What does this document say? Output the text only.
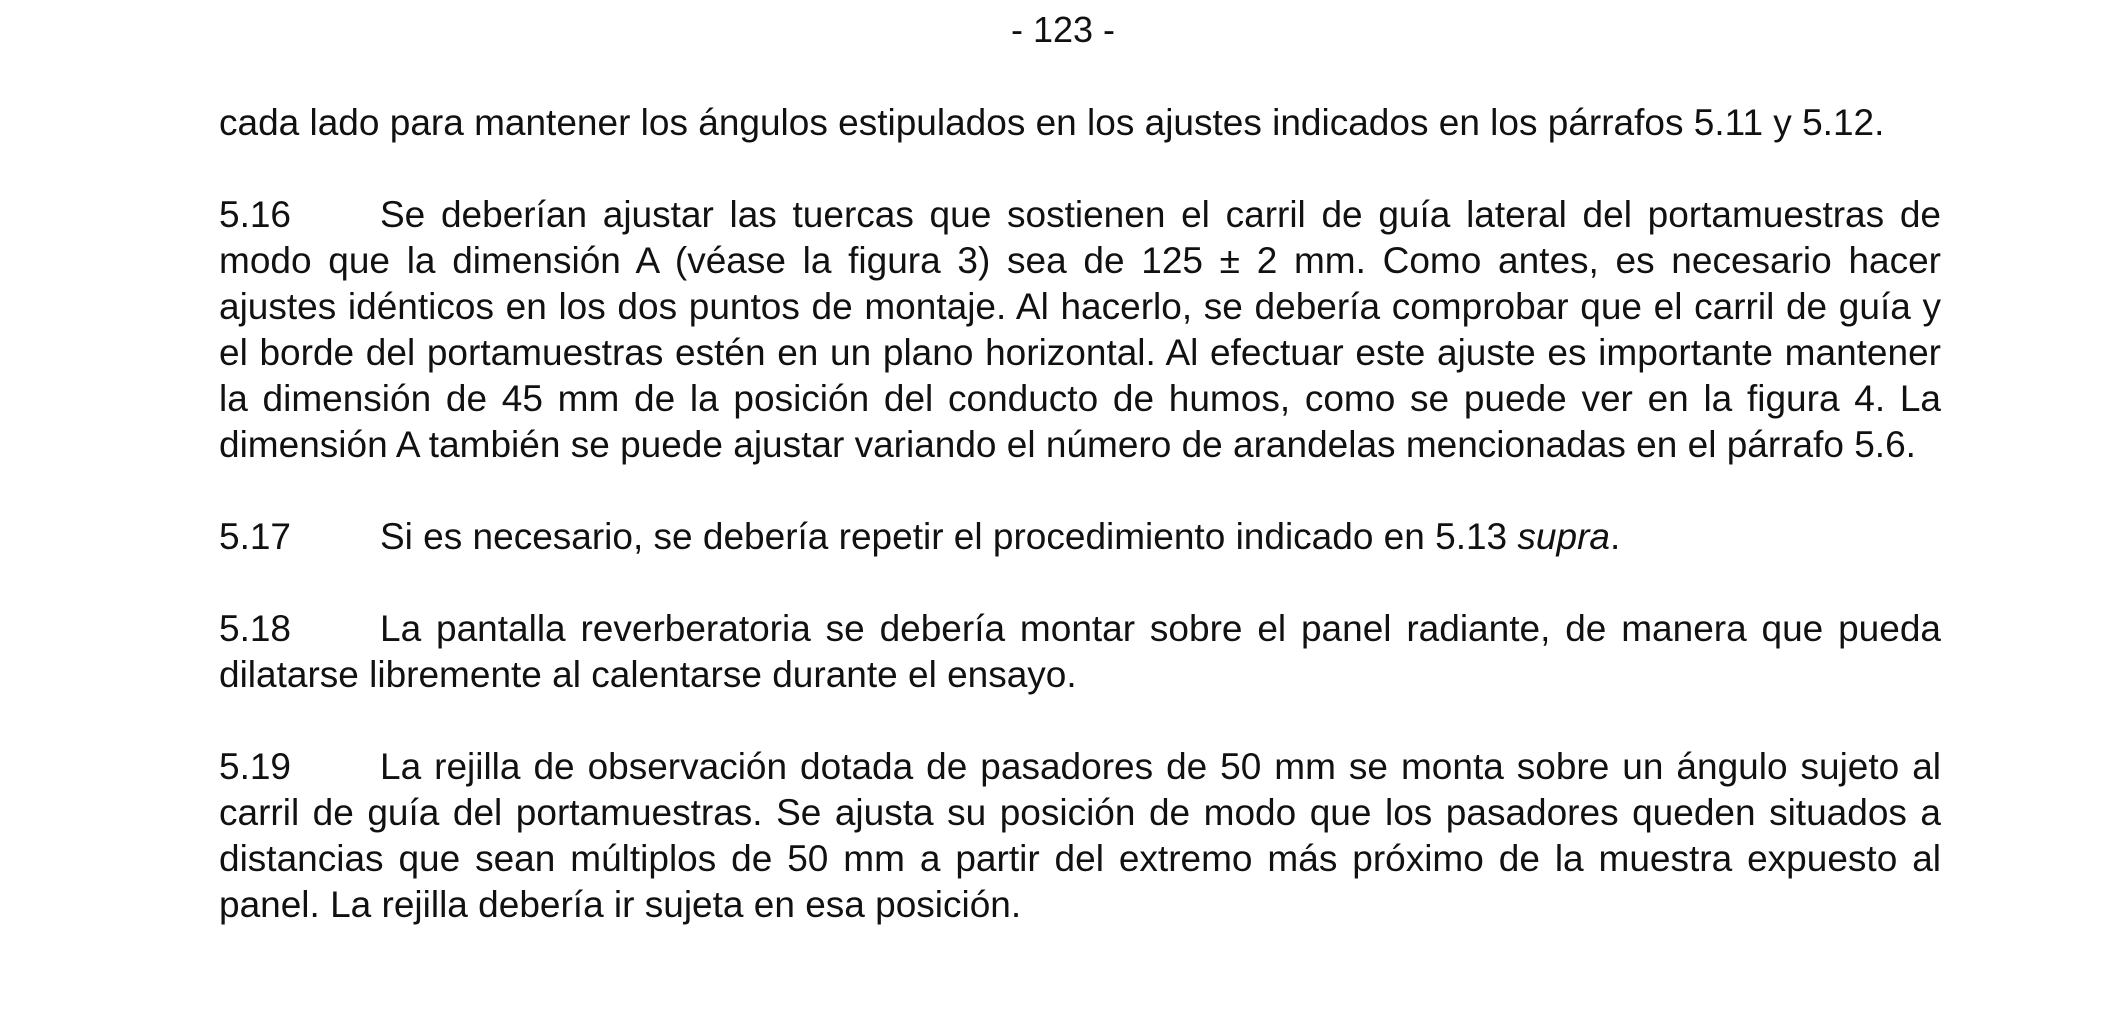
- 123 -

cada lado para mantener los ángulos estipulados en los ajustes indicados en los párrafos 5.11 y 5.12.

5.16 Se deberían ajustar las tuercas que sostienen el carril de guía lateral del portamuestras de modo que la dimensión A (véase la figura 3) sea de 125 ± 2 mm. Como antes, es necesario hacer ajustes idénticos en los dos puntos de montaje. Al hacerlo, se debería comprobar que el carril de guía y el borde del portamuestras estén en un plano horizontal. Al efectuar este ajuste es importante mantener la dimensión de 45 mm de la posición del conducto de humos, como se puede ver en la figura 4. La dimensión A también se puede ajustar variando el número de arandelas mencionadas en el párrafo 5.6.

5.17 Si es necesario, se debería repetir el procedimiento indicado en 5.13 supra.

5.18 La pantalla reverberatoria se debería montar sobre el panel radiante, de manera que pueda dilatarse libremente al calentarse durante el ensayo.

5.19 La rejilla de observación dotada de pasadores de 50 mm se monta sobre un ángulo sujeto al carril de guía del portamuestras. Se ajusta su posición de modo que los pasadores queden situados a distancias que sean múltiplos de 50 mm a partir del extremo más próximo de la muestra expuesto al panel. La rejilla debería ir sujeta en esa posición.
